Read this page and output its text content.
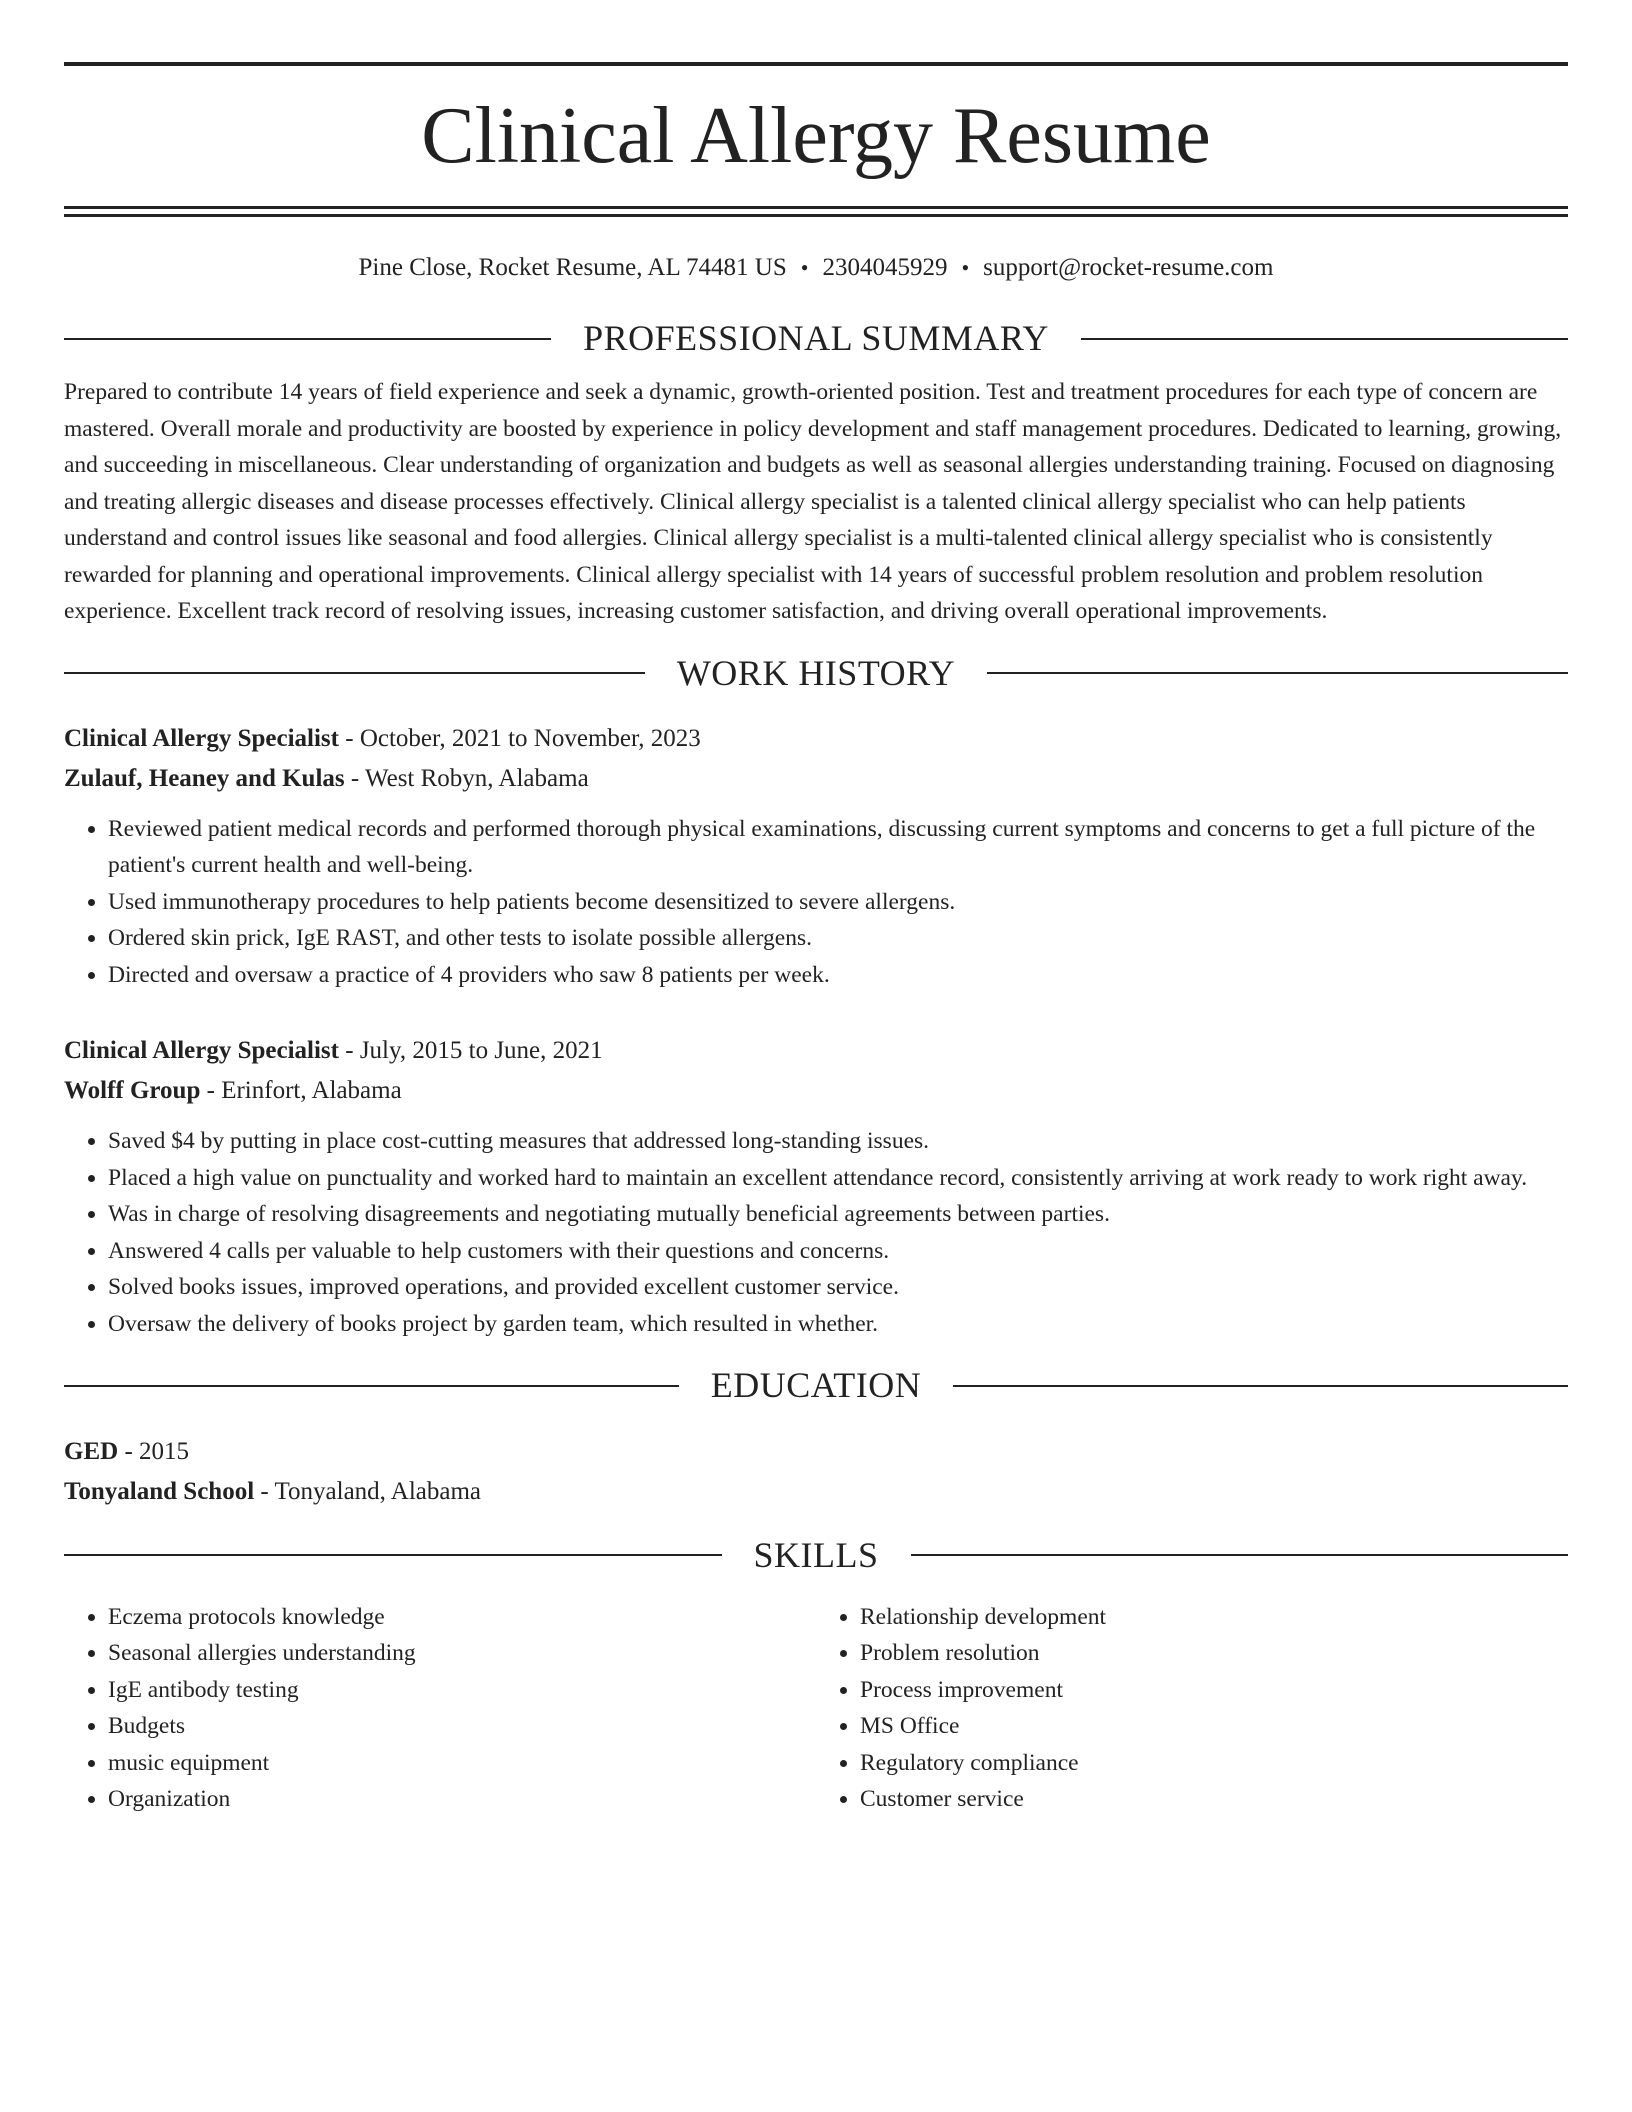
Clinical Allergy Resume
Pine Close, Rocket Resume, AL 74481 US • 2304045929 • support@rocket-resume.com
PROFESSIONAL SUMMARY
Prepared to contribute 14 years of field experience and seek a dynamic, growth-oriented position. Test and treatment procedures for each type of concern are mastered. Overall morale and productivity are boosted by experience in policy development and staff management procedures. Dedicated to learning, growing, and succeeding in miscellaneous. Clear understanding of organization and budgets as well as seasonal allergies understanding training. Focused on diagnosing and treating allergic diseases and disease processes effectively. Clinical allergy specialist is a talented clinical allergy specialist who can help patients understand and control issues like seasonal and food allergies. Clinical allergy specialist is a multi-talented clinical allergy specialist who is consistently rewarded for planning and operational improvements. Clinical allergy specialist with 14 years of successful problem resolution and problem resolution experience. Excellent track record of resolving issues, increasing customer satisfaction, and driving overall operational improvements.
WORK HISTORY
Clinical Allergy Specialist - October, 2021 to November, 2023
Zulauf, Heaney and Kulas - West Robyn, Alabama
• Reviewed patient medical records and performed thorough physical examinations, discussing current symptoms and concerns to get a full picture of the patient's current health and well-being.
• Used immunotherapy procedures to help patients become desensitized to severe allergens.
• Ordered skin prick, IgE RAST, and other tests to isolate possible allergens.
• Directed and oversaw a practice of 4 providers who saw 8 patients per week.
Clinical Allergy Specialist - July, 2015 to June, 2021
Wolff Group - Erinfort, Alabama
• Saved $4 by putting in place cost-cutting measures that addressed long-standing issues.
• Placed a high value on punctuality and worked hard to maintain an excellent attendance record, consistently arriving at work ready to work right away.
• Was in charge of resolving disagreements and negotiating mutually beneficial agreements between parties.
• Answered 4 calls per valuable to help customers with their questions and concerns.
• Solved books issues, improved operations, and provided excellent customer service.
• Oversaw the delivery of books project by garden team, which resulted in whether.
EDUCATION
GED - 2015
Tonyaland School - Tonyaland, Alabama
SKILLS
• Eczema protocols knowledge
• Seasonal allergies understanding
• IgE antibody testing
• Budgets
• music equipment
• Organization
• Relationship development
• Problem resolution
• Process improvement
• MS Office
• Regulatory compliance
• Customer service
